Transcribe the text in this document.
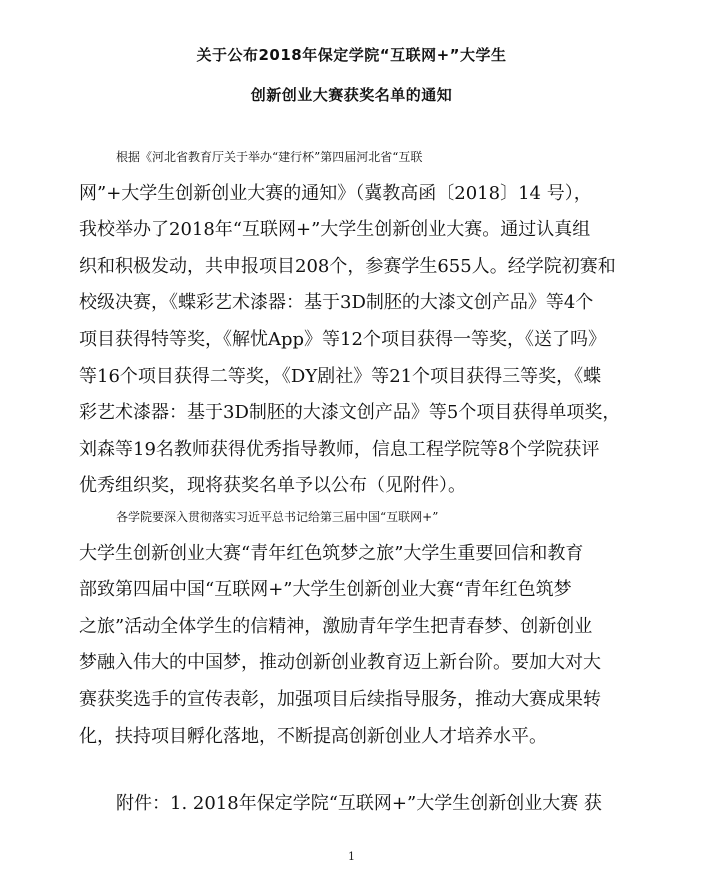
关于公布2018年保定学院“互联网+”大学生
创新创业大赛获奖名单的通知
根据《河北省教育厅关于举办“建行杯”第四届河北省“互联
网”+大学生创新创业大赛的通知》（冀教高函〔2018〕14 号），
我校举办了2018年“互联网+”大学生创新创业大赛。通过认真组
织和积极发动，共申报项目208个，参赛学生655人。经学院初赛和
校级决赛，《蝶彩艺术漆器：基于3D制胚的大漆文创产品》等4个
项目获得特等奖，《解忧App》等12个项目获得一等奖，《送了吗》
等16个项目获得二等奖，《DY剧社》等21个项目获得三等奖，《蝶
彩艺术漆器：基于3D制胚的大漆文创产品》等5个项目获得单项奖，
刘森等19名教师获得优秀指导教师，信息工程学院等8个学院获评
优秀组织奖，现将获奖名单予以公布（见附件）。
各学院要深入贯彻落实习近平总书记给第三届中国“互联网+”
大学生创新创业大赛“青年红色筑梦之旅”大学生重要回信和教育
部致第四届中国“互联网+”大学生创新创业大赛“青年红色筑梦
之旅”活动全体学生的信精神，激励青年学生把青春梦、创新创业
梦融入伟大的中国梦，推动创新创业教育迈上新台阶。要加大对大
赛获奖选手的宣传表彰，加强项目后续指导服务，推动大赛成果转
化，扶持项目孵化落地，不断提高创新创业人才培养水平。
附件：1. 2018年保定学院“互联网+”大学生创新创业大赛 获
1
